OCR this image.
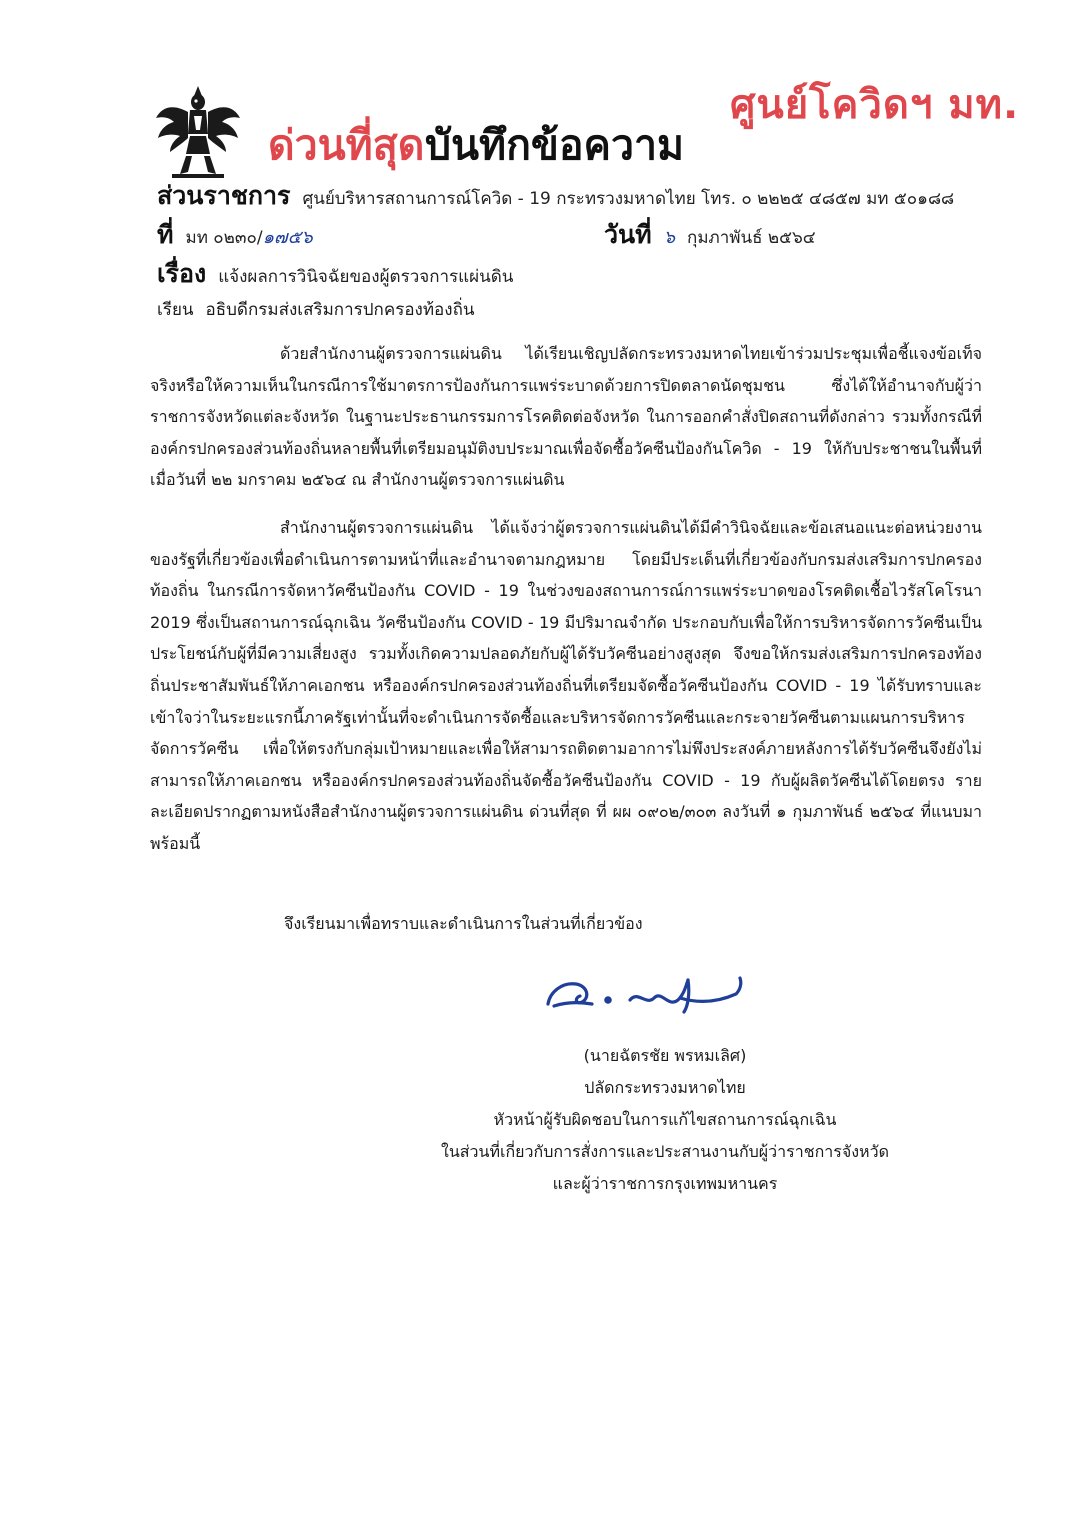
ศูนย์โควิดฯ มท.
ด่วนที่สุด บันทึกข้อความ
ส่วนราชการ ศูนย์บริหารสถานการณ์โควิด - 19 กระทรวงมหาดไทย โทร. ๐ ๒๒๒๕ ๔๘๕๗ มท ๕๐๑๘๘
ที่ มท ๐๒๓๐/๑๗๕๖	วันที่ ๖ กุมภาพันธ์ ๒๕๖๔
เรื่อง แจ้งผลการวินิจฉัยของผู้ตรวจการแผ่นดิน
เรียน อธิบดีกรมส่งเสริมการปกครองท้องถิ่น

ด้วยสำนักงานผู้ตรวจการแผ่นดิน ได้เรียนเชิญปลัดกระทรวงมหาดไทยเข้าร่วมประชุมเพื่อชี้แจงข้อเท็จจริงหรือให้ความเห็นในกรณีการใช้มาตรการป้องกันการแพร่ระบาดด้วยการปิดตลาดนัดชุมชน ซึ่งได้ให้อำนาจกับผู้ว่าราชการจังหวัดแต่ละจังหวัด ในฐานะประธานกรรมการโรคติดต่อจังหวัด ในการออกคำสั่งปิดสถานที่ดังกล่าว รวมทั้งกรณีที่องค์กรปกครองส่วนท้องถิ่นหลายพื้นที่เตรียมอนุมัติงบประมาณเพื่อจัดซื้อวัคซีนป้องกันโควิด - 19 ให้กับประชาชนในพื้นที่ เมื่อวันที่ ๒๒ มกราคม ๒๕๖๔ ณ สำนักงานผู้ตรวจการแผ่นดิน

สำนักงานผู้ตรวจการแผ่นดิน ได้แจ้งว่าผู้ตรวจการแผ่นดินได้มีคำวินิจฉัยและข้อเสนอแนะต่อหน่วยงานของรัฐที่เกี่ยวข้องเพื่อดำเนินการตามหน้าที่และอำนาจตามกฎหมาย โดยมีประเด็นที่เกี่ยวข้องกับกรมส่งเสริมการปกครองท้องถิ่น ในกรณีการจัดหาวัคซีนป้องกัน COVID - 19 ในช่วงของสถานการณ์การแพร่ระบาดของโรคติดเชื้อไวรัสโคโรนา 2019 ซึ่งเป็นสถานการณ์ฉุกเฉิน วัคซีนป้องกัน COVID - 19 มีปริมาณจำกัด ประกอบกับเพื่อให้การบริหารจัดการวัคซีนเป็นประโยชน์กับผู้ที่มีความเสี่ยงสูง รวมทั้งเกิดความปลอดภัยกับผู้ได้รับวัคซีนอย่างสูงสุด จึงขอให้กรมส่งเสริมการปกครองท้องถิ่นประชาสัมพันธ์ให้ภาคเอกชน หรือองค์กรปกครองส่วนท้องถิ่นที่เตรียมจัดซื้อวัคซีนป้องกัน COVID - 19 ได้รับทราบและเข้าใจว่าในระยะแรกนี้ภาครัฐเท่านั้นที่จะดำเนินการจัดซื้อและบริหารจัดการวัคซีนและกระจายวัคซีนตามแผนการบริหารจัดการวัคซีน เพื่อให้ตรงกับกลุ่มเป้าหมายและเพื่อให้สามารถติดตามอาการไม่พึงประสงค์ภายหลังการได้รับวัคซีนจึงยังไม่สามารถให้ภาคเอกชน หรือองค์กรปกครองส่วนท้องถิ่นจัดซื้อวัคซีนป้องกัน COVID - 19 กับผู้ผลิตวัคซีนได้โดยตรง รายละเอียดปรากฏตามหนังสือสำนักงานผู้ตรวจการแผ่นดิน ด่วนที่สุด ที่ ผผ ๐๙๐๒/๓๐๓ ลงวันที่ ๑ กุมภาพันธ์ ๒๕๖๔ ที่แนบมาพร้อมนี้

จึงเรียนมาเพื่อทราบและดำเนินการในส่วนที่เกี่ยวข้อง
(นายฉัตรชัย พรหมเลิศ)
ปลัดกระทรวงมหาดไทย
หัวหน้าผู้รับผิดชอบในการแก้ไขสถานการณ์ฉุกเฉิน
ในส่วนที่เกี่ยวกับการสั่งการและประสานงานกับผู้ว่าราชการจังหวัด
และผู้ว่าราชการกรุงเทพมหานคร
